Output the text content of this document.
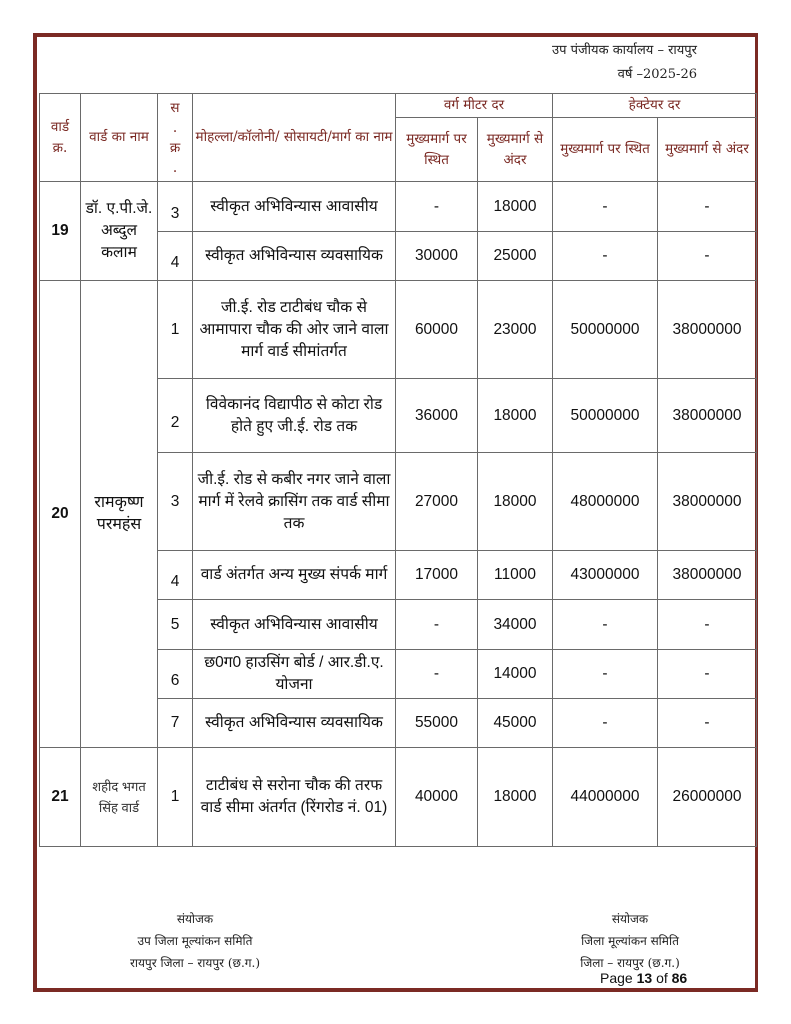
उप पंजीयक कार्यालय – रायपुर
वर्ष –2025-26
वार्ड क्र.	वार्ड का नाम	स
.
क्र
.	मोहल्ला/कॉलोनी/ सोसायटी/मार्ग का नाम	वर्ग मीटर दर		हेक्टेयर दर	
				मुख्यमार्ग पर स्थित	मुख्यमार्ग से अंदर	मुख्यमार्ग पर स्थित	मुख्यमार्ग से अंदर
19	डॉ. ए.पी.जे. अब्दुल कलाम	3	स्वीकृत अभिविन्यास आवासीय	-	18000	-	-

		4	स्वीकृत अभिविन्यास व्यवसायिक	30000	25000	-	-
20	रामकृष्ण परमहंस	1	जी.ई. रोड टाटीबंध चौक से आमापारा चौक की ओर जाने वाला मार्ग वार्ड सीमांतर्गत	60000	23000	50000000	38000000

		2	विवेकानंद विद्यापीठ से कोटा रोड होते हुए जी.ई. रोड तक	36000	18000	50000000	38000000
		3	जी.ई. रोड से कबीर नगर जाने वाला मार्ग में रेलवे क्रासिंग तक वार्ड सीमा तक	27000	18000	48000000	38000000

		4	वार्ड अंतर्गत अन्य मुख्य संपर्क मार्ग	17000	11000	43000000	38000000
		5	स्वीकृत अभिविन्यास आवासीय	-	34000	-	-

		6	छ0ग0 हाउसिंग बोर्ड / आर.डी.ए. योजना	-	14000	-	-
		7	स्वीकृत अभिविन्यास व्यवसायिक	55000	45000	-	-
21	शहीद भगत सिंह वार्ड	1	टाटीबंध से सरोना चौक की तरफ वार्ड सीमा अंतर्गत (रिंगरोड नं. 01)	40000	18000	44000000	26000000
संयोजक
उप जिला मूल्यांकन समिति
रायपुर जिला – रायपुर (छ.ग.)
संयोजक
जिला मूल्यांकन समिति
जिला – रायपुर (छ.ग.)
Page 13 of 86
